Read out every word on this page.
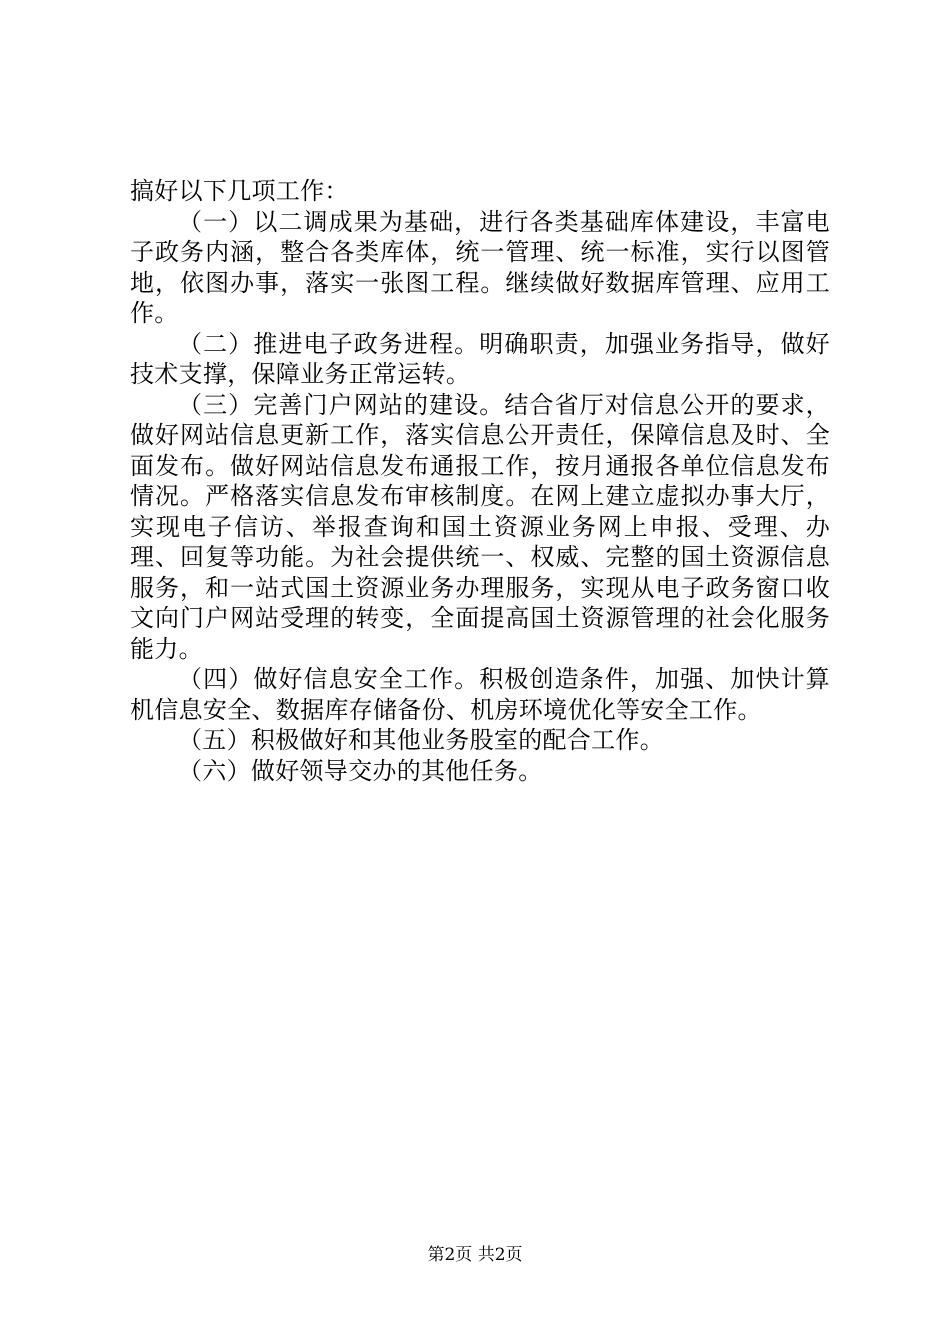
搞好以下几项工作：

（一）以二调成果为基础，进行各类基础库体建设，丰富电子政务内涵，整合各类库体，统一管理、统一标准，实行以图管地，依图办事，落实一张图工程。继续做好数据库管理、应用工作。

（二）推进电子政务进程。明确职责，加强业务指导，做好技术支撑，保障业务正常运转。

（三）完善门户网站的建设。结合省厅对信息公开的要求，做好网站信息更新工作，落实信息公开责任，保障信息及时、全面发布。做好网站信息发布通报工作，按月通报各单位信息发布情况。严格落实信息发布审核制度。在网上建立虚拟办事大厅，实现电子信访、举报查询和国土资源业务网上申报、受理、办理、回复等功能。为社会提供统一、权威、完整的国土资源信息服务，和一站式国土资源业务办理服务，实现从电子政务窗口收文向门户网站受理的转变，全面提高国土资源管理的社会化服务能力。

（四）做好信息安全工作。积极创造条件，加强、加快计算机信息安全、数据库存储备份、机房环境优化等安全工作。

（五）积极做好和其他业务股室的配合工作。

（六）做好领导交办的其他任务。

第2页 共2页
